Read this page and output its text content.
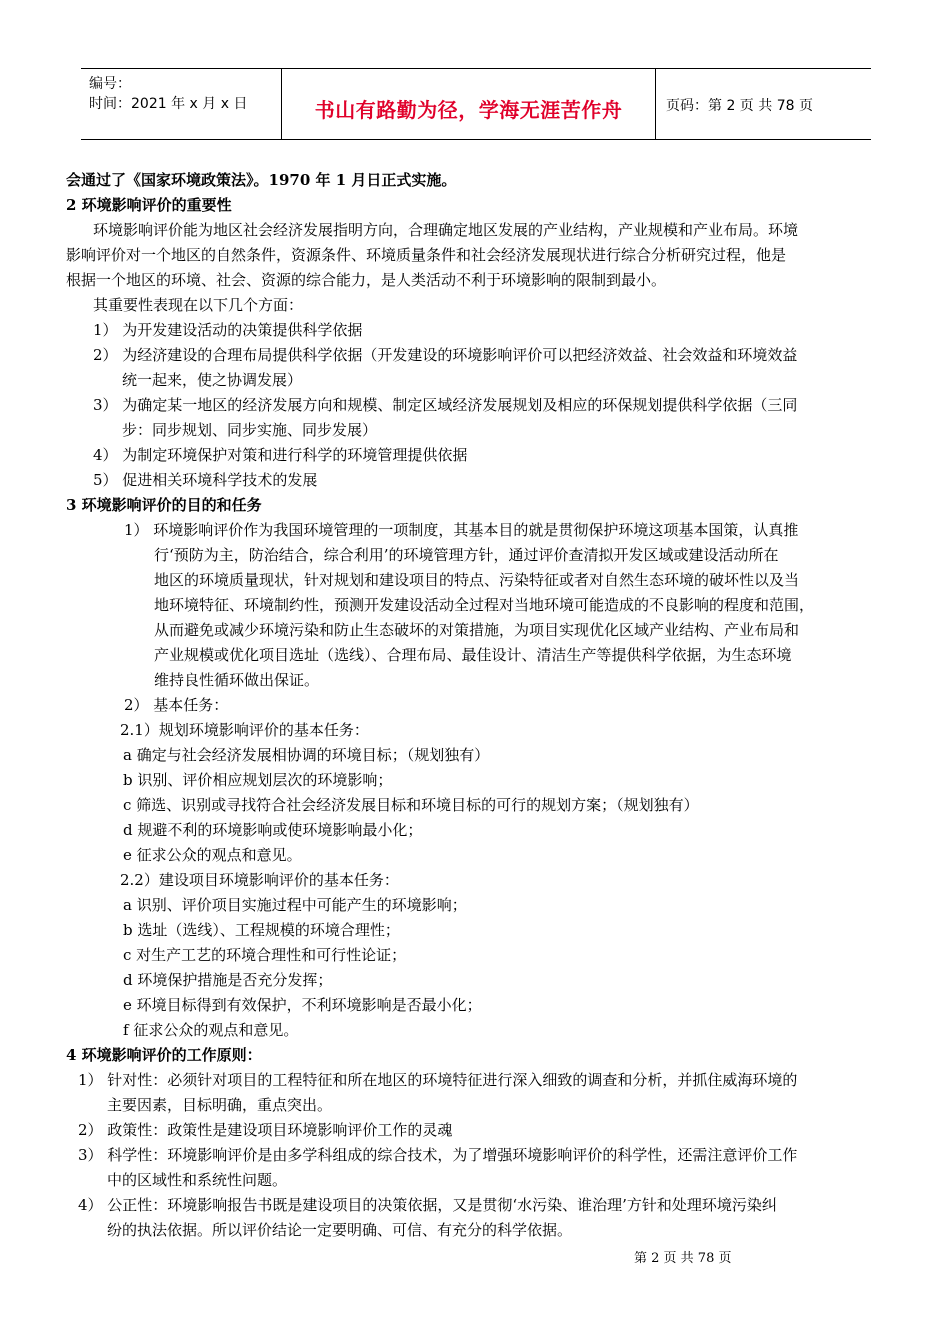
编号：
时间：2021 年 x 月 x 日	书山有路勤为径，学海无涯苦作舟	页码：第 2 页 共 78 页
会通过了《国家环境政策法》。1970 年 1 月日正式实施。
2 环境影响评价的重要性
环境影响评价能为地区社会经济发展指明方向，合理确定地区发展的产业结构，产业规模和产业布局。环境
影响评价对一个地区的自然条件，资源条件、环境质量条件和社会经济发展现状进行综合分析研究过程，他是
根据一个地区的环境、社会、资源的综合能力，是人类活动不利于环境影响的限制到最小。
其重要性表现在以下几个方面：
1） 为开发建设活动的决策提供科学依据
2） 为经济建设的合理布局提供科学依据（开发建设的环境影响评价可以把经济效益、社会效益和环境效益
统一起来，使之协调发展）
3） 为确定某一地区的经济发展方向和规模、制定区域经济发展规划及相应的环保规划提供科学依据（三同
步：同步规划、同步实施、同步发展）
4） 为制定环境保护对策和进行科学的环境管理提供依据
5） 促进相关环境科学技术的发展
3 环境影响评价的目的和任务
1） 环境影响评价作为我国环境管理的一项制度，其基本目的就是贯彻保护环境这项基本国策，认真推
行‘预防为主，防治结合，综合利用’的环境管理方针，通过评价查清拟开发区域或建设活动所在
地区的环境质量现状，针对规划和建设项目的特点、污染特征或者对自然生态环境的破坏性以及当
地环境特征、环境制约性，预测开发建设活动全过程对当地环境可能造成的不良影响的程度和范围，
从而避免或减少环境污染和防止生态破坏的对策措施，为项目实现优化区域产业结构、产业布局和
产业规模或优化项目选址（选线）、合理布局、最佳设计、清洁生产等提供科学依据，为生态环境
维持良性循环做出保证。
2） 基本任务：
2.1）规划环境影响评价的基本任务：
a 确定与社会经济发展相协调的环境目标；（规划独有）
b 识别、评价相应规划层次的环境影响；
c 筛选、识别或寻找符合社会经济发展目标和环境目标的可行的规划方案；（规划独有）
d 规避不利的环境影响或使环境影响最小化；
e 征求公众的观点和意见。
2.2）建设项目环境影响评价的基本任务：
a 识别、评价项目实施过程中可能产生的环境影响；
b 选址（选线）、工程规模的环境合理性；
c 对生产工艺的环境合理性和可行性论证；
d 环境保护措施是否充分发挥；
e 环境目标得到有效保护，不利环境影响是否最小化；
f 征求公众的观点和意见。
4 环境影响评价的工作原则：
1） 针对性：必须针对项目的工程特征和所在地区的环境特征进行深入细致的调查和分析，并抓住威海环境的
主要因素，目标明确，重点突出。
2） 政策性：政策性是建设项目环境影响评价工作的灵魂
3） 科学性：环境影响评价是由多学科组成的综合技术，为了增强环境影响评价的科学性，还需注意评价工作
中的区域性和系统性问题。
4） 公正性：环境影响报告书既是建设项目的决策依据，又是贯彻‘水污染、谁治理’方针和处理环境污染纠
纷的执法依据。所以评价结论一定要明确、可信、有充分的科学依据。
第 2 页 共 78 页
